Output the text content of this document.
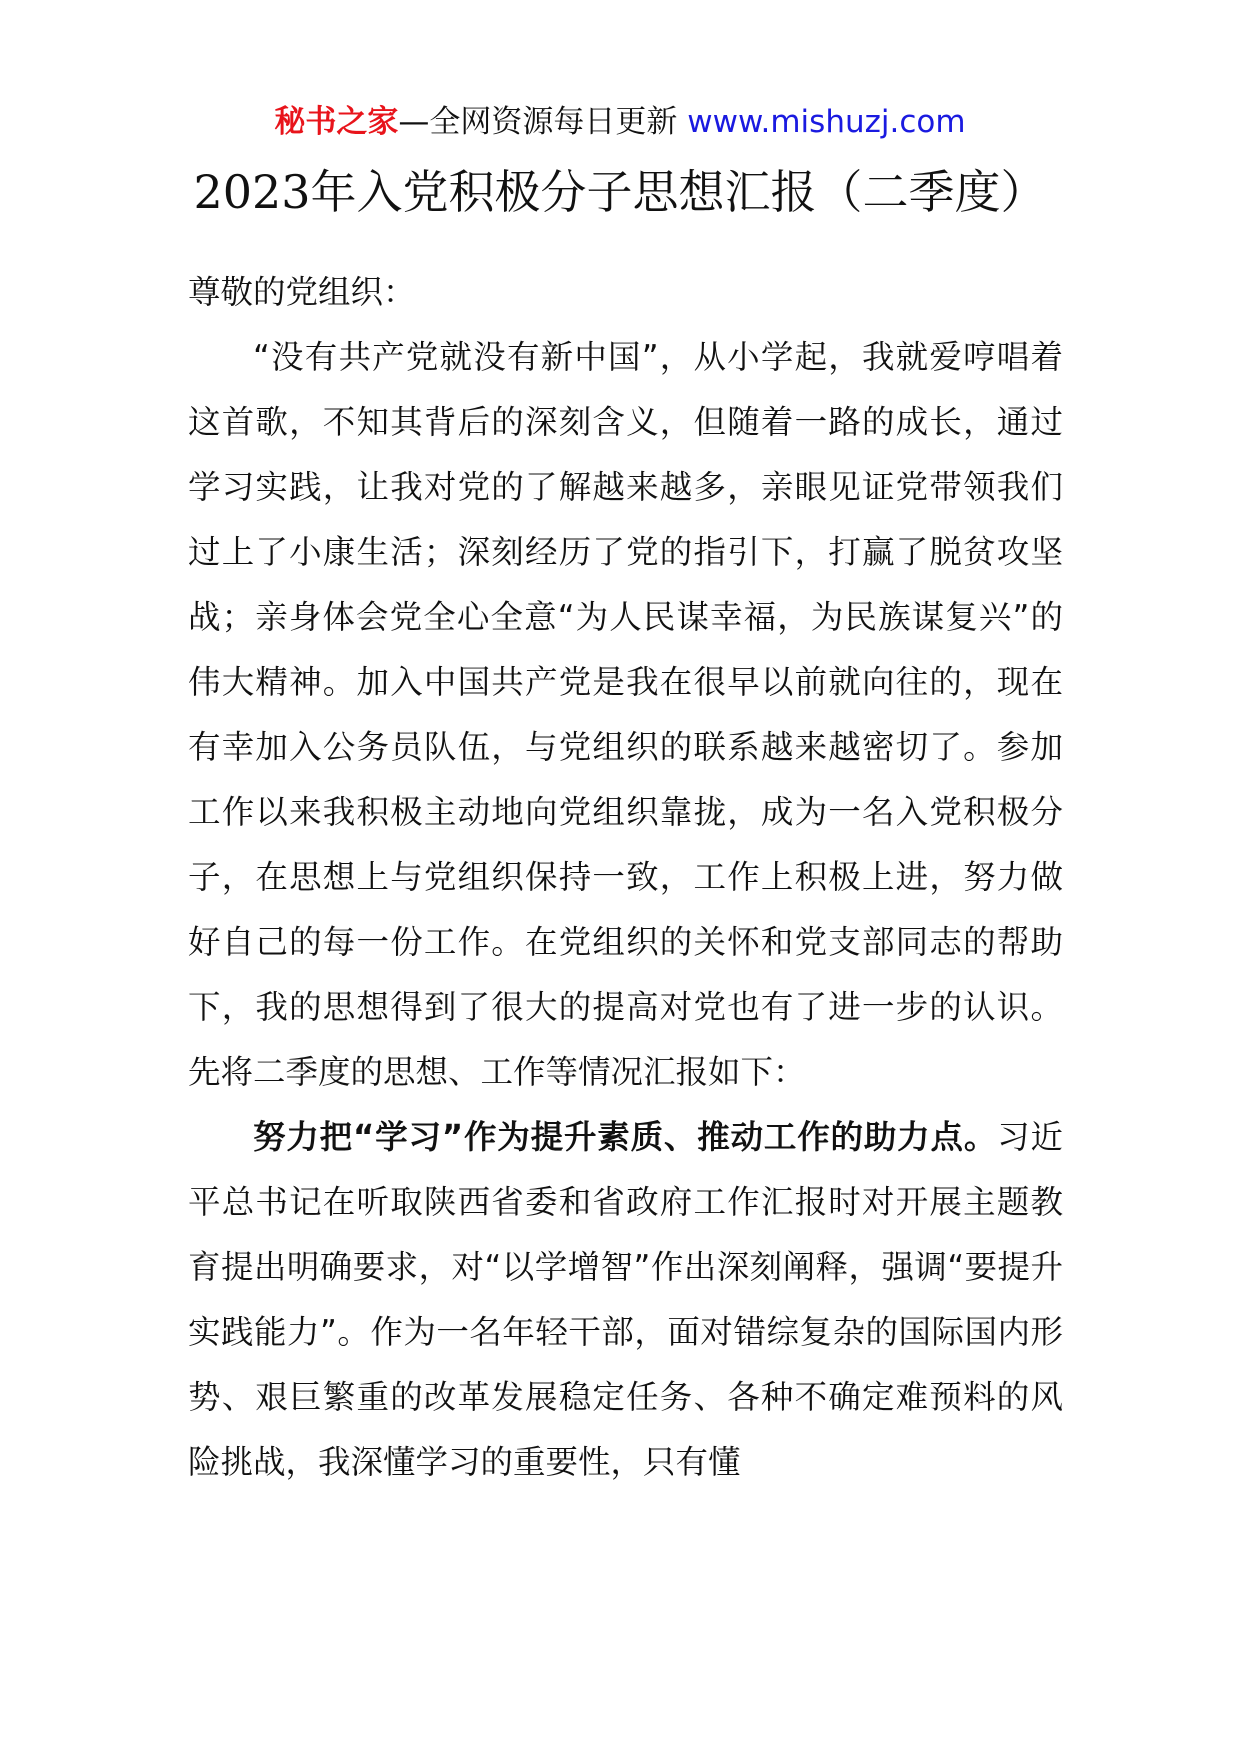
秘书之家—全网资源每日更新 www.mishuzj.com
2023年入党积极分子思想汇报（二季度）

尊敬的党组织：

“没有共产党就没有新中国”，从小学起，我就爱哼唱着这首歌，不知其背后的深刻含义，但随着一路的成长，通过学习实践，让我对党的了解越来越多，亲眼见证党带领我们过上了小康生活；深刻经历了党的指引下，打赢了脱贫攻坚战；亲身体会党全心全意“为人民谋幸福，为民族谋复兴”的伟大精神。加入中国共产党是我在很早以前就向往的，现在有幸加入公务员队伍，与党组织的联系越来越密切了。参加工作以来我积极主动地向党组织靠拢，成为一名入党积极分子，在思想上与党组织保持一致，工作上积极上进，努力做好自己的每一份工作。在党组织的关怀和党支部同志的帮助下，我的思想得到了很大的提高对党也有了进一步的认识。先将二季度的思想、工作等情况汇报如下：

努力把“学习”作为提升素质、推动工作的助力点。习近平总书记在听取陕西省委和省政府工作汇报时对开展主题教育提出明确要求，对“以学增智”作出深刻阐释，强调“要提升实践能力”。作为一名年轻干部，面对错综复杂的国际国内形势、艰巨繁重的改革发展稳定任务、各种不确定难预料的风险挑战，我深懂学习的重要性，只有懂
